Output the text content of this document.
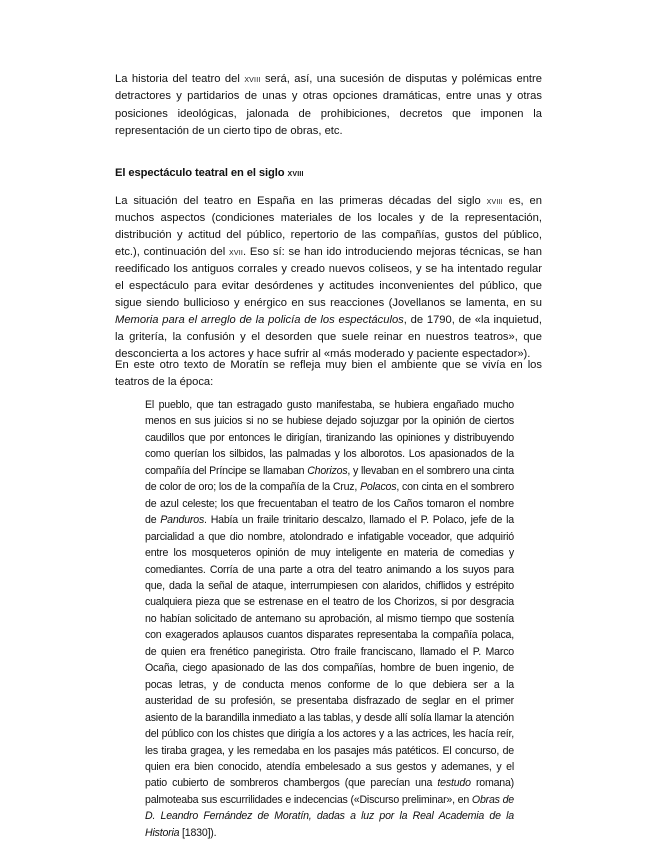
La historia del teatro del xviii será, así, una sucesión de disputas y polémicas entre detractores y partidarios de unas y otras opciones dramáticas, entre unas y otras posiciones ideológicas, jalonada de prohibiciones, decretos que imponen la representación de un cierto tipo de obras, etc.

El espectáculo teatral en el siglo xviii

La situación del teatro en España en las primeras décadas del siglo xviii es, en muchos aspectos (condiciones materiales de los locales y de la representación, distribución y actitud del público, repertorio de las compañías, gustos del público, etc.), continuación del xvii. Eso sí: se han ido introduciendo mejoras técnicas, se han reedificado los antiguos corrales y creado nuevos coliseos, y se ha intentado regular el espectáculo para evitar desórdenes y actitudes inconvenientes del público, que sigue siendo bullicioso y enérgico en sus reacciones (Jovellanos se lamenta, en su Memoria para el arreglo de la policía de los espectáculos, de 1790, de «la inquietud, la gritería, la confusión y el desorden que suele reinar en nuestros teatros», que desconcierta a los actores y hace sufrir al «más moderado y paciente espectador»).

En este otro texto de Moratín se refleja muy bien el ambiente que se vivía en los teatros de la época:

El pueblo, que tan estragado gusto manifestaba, se hubiera engañado mucho menos en sus juicios si no se hubiese dejado sojuzgar por la opinión de ciertos caudillos que por entonces le dirigían, tiranizando las opiniones y distribuyendo como querían los silbidos, las palmadas y los alborotos. Los apasionados de la compañía del Príncipe se llamaban Chorizos, y llevaban en el sombrero una cinta de color de oro; los de la compañía de la Cruz, Polacos, con cinta en el sombrero de azul celeste; los que frecuentaban el teatro de los Caños tomaron el nombre de Panduros. Había un fraile trinitario descalzo, llamado el P. Polaco, jefe de la parcialidad a que dio nombre, atolondrado e infatigable voceador, que adquirió entre los mosqueteros opinión de muy inteligente en materia de comedias y comediantes. Corría de una parte a otra del teatro animando a los suyos para que, dada la señal de ataque, interrumpiesen con alaridos, chiflidos y estrépito cualquiera pieza que se estrenase en el teatro de los Chorizos, si por desgracia no habían solicitado de antemano su aprobación, al mismo tiempo que sostenía con exagerados aplausos cuantos disparates representaba la compañía polaca, de quien era frenético panegirista. Otro fraile franciscano, llamado el P. Marco Ocaña, ciego apasionado de las dos compañías, hombre de buen ingenio, de pocas letras, y de conducta menos conforme de lo que debiera ser a la austeridad de su profesión, se presentaba disfrazado de seglar en el primer asiento de la barandilla inmediato a las tablas, y desde allí solía llamar la atención del público con los chistes que dirigía a los actores y a las actrices, les hacía reír, les tiraba gragea, y les remedaba en los pasajes más patéticos. El concurso, de quien era bien conocido, atendía embelesado a sus gestos y ademanes, y el patio cubierto de sombreros chambergos (que parecían una testudo romana) palmoteaba sus escurrilidades e indecencias («Discurso preliminar», en Obras de D. Leandro Fernández de Moratín, dadas a luz por la Real Academia de la Historia [1830]).
